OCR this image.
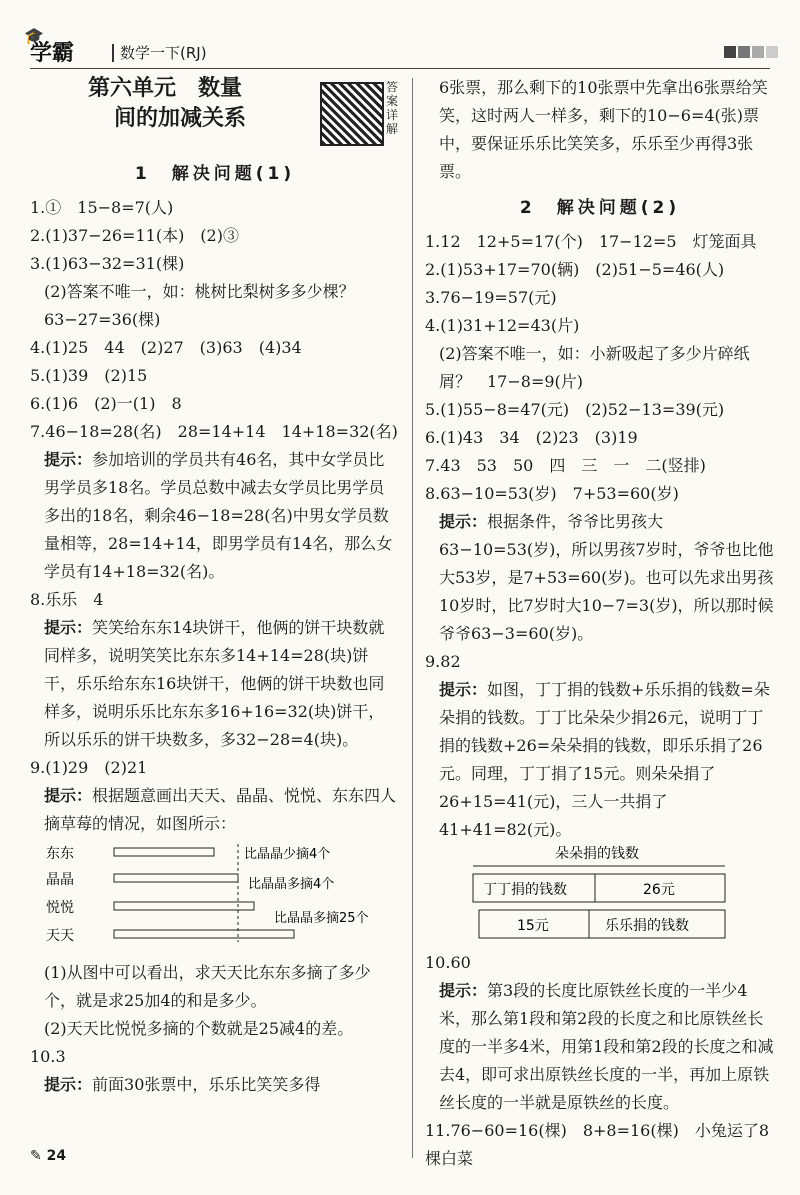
🎓
学霸	数学一下(RJ)

第六单元　数量

间的加减关系

答案详解
1　解决问题(1)

1.①　15−8=7(人)

2.(1)37−26=11(本)　(2)③

3.(1)63−32=31(棵)

(2)答案不唯一，如：桃树比梨树多多少棵？63−27=36(棵)

4.(1)25　44　(2)27　(3)63　(4)34

5.(1)39　(2)15

6.(1)6　(2)一(1)　8

7.46−18=28(名)　28=14+14　14+18=32(名)

提示：参加培训的学员共有46名，其中女学员比男学员多18名。学员总数中减去女学员比男学员多出的18名，剩余46−18=28(名)中男女学员数量相等，28=14+14，即男学员有14名，那么女学员有14+18=32(名)。

8.乐乐　4

提示：笑笑给东东14块饼干，他俩的饼干块数就同样多，说明笑笑比东东多14+14=28(块)饼干，乐乐给东东16块饼干，他俩的饼干块数也同样多，说明乐乐比东东多16+16=32(块)饼干，所以乐乐的饼干块数多，多32−28=4(块)。

9.(1)29　(2)21

提示：根据题意画出天天、晶晶、悦悦、东东四人摘草莓的情况，如图所示：

东东
晶晶
悦悦
天天
比晶晶少摘4个
比晶晶多摘4个
比晶晶多摘25个

(1)从图中可以看出，求天天比东东多摘了多少个，就是求25加4的和是多少。

(2)天天比悦悦多摘的个数就是25减4的差。

10.3

提示：前面30张票中，乐乐比笑笑多得

6张票，那么剩下的10张票中先拿出6张票给笑笑，这时两人一样多，剩下的10−6=4(张)票中，要保证乐乐比笑笑多，乐乐至少再得3张票。

2　解决问题(2)

1.12　12+5=17(个)　17−12=5　灯笼面具

2.(1)53+17=70(辆)　(2)51−5=46(人)

3.76−19=57(元)

4.(1)31+12=43(片)

(2)答案不唯一，如：小新吸起了多少片碎纸屑？　17−8=9(片)

5.(1)55−8=47(元)　(2)52−13=39(元)

6.(1)43　34　(2)23　(3)19

7.43　53　50　四　三　一　二(竖排)

8.63−10=53(岁)　7+53=60(岁)

提示：根据条件，爷爷比男孩大63−10=53(岁)，所以男孩7岁时，爷爷也比他大53岁，是7+53=60(岁)。也可以先求出男孩10岁时，比7岁时大10−7=3(岁)，所以那时候爷爷63−3=60(岁)。

9.82

提示：如图，丁丁捐的钱数+乐乐捐的钱数=朵朵捐的钱数。丁丁比朵朵少捐26元，说明丁丁捐的钱数+26=朵朵捐的钱数，即乐乐捐了26元。同理，丁丁捐了15元。则朵朵捐了26+15=41(元)，三人一共捐了41+41=82(元)。

朵朵捐的钱数
丁丁捐的钱数	26元
15元	乐乐捐的钱数

10.60

提示：第3段的长度比原铁丝长度的一半少4米，那么第1段和第2段的长度之和比原铁丝长度的一半多4米，用第1段和第2段的长度之和减去4，即可求出原铁丝长度的一半，再加上原铁丝长度的一半就是原铁丝的长度。

11.76−60=16(棵)　8+8=16(棵)　小兔运了8棵白菜

✎ 24
